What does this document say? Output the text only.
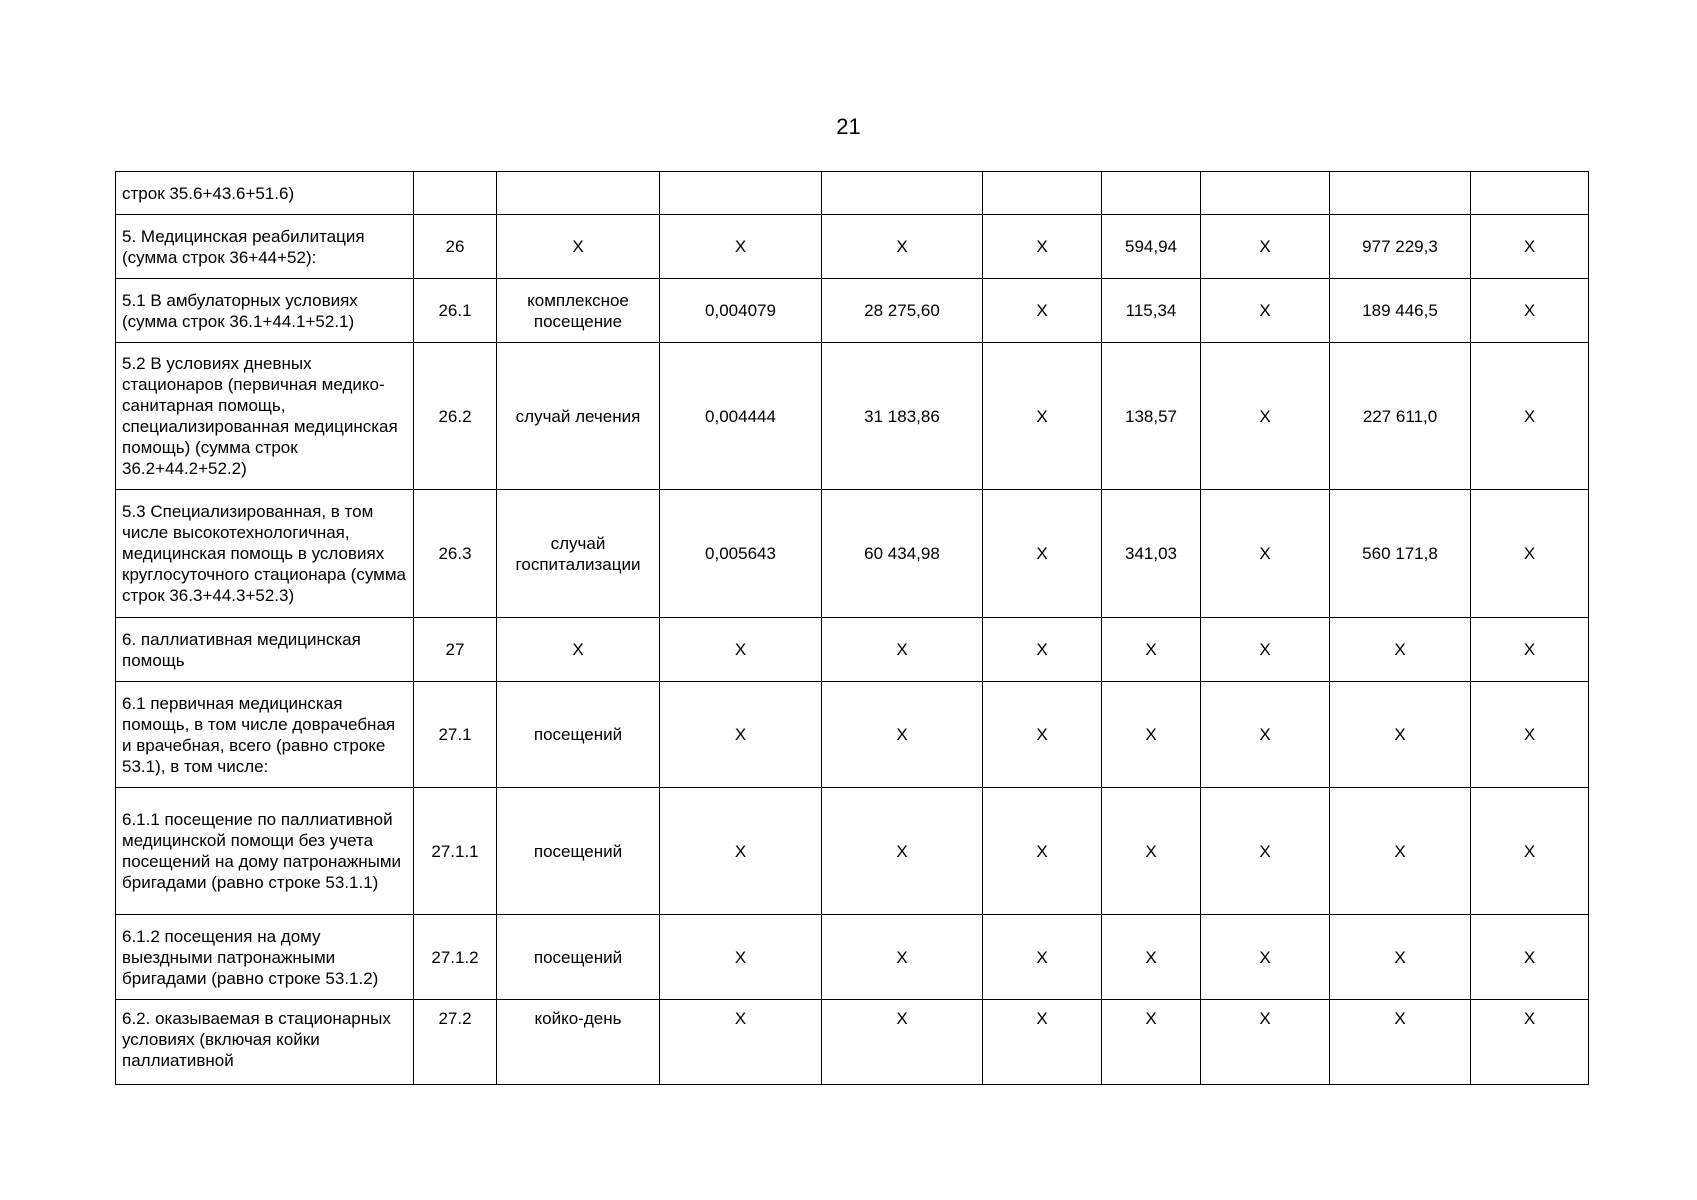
21
строк 35.6+43.6+51.6)									
5. Медицинская реабилитация (сумма строк 36+44+52):	26	X	X	X	X	594,94	X	977 229,3	X
5.1 В амбулаторных условиях (сумма строк 36.1+44.1+52.1)	26.1	комплексное посещение	0,004079	28 275,60	X	115,34	X	189 446,5	X
5.2 В условиях дневных стационаров (первичная медико-санитарная помощь, специализированная медицинская помощь) (сумма строк 36.2+44.2+52.2)	26.2	случай лечения	0,004444	31 183,86	X	138,57	X	227 611,0	X
5.3 Специализированная, в том числе высокотехнологичная, медицинская помощь в условиях круглосуточного стационара (сумма строк 36.3+44.3+52.3)	26.3	случай госпитализации	0,005643	60 434,98	X	341,03	X	560 171,8	X
6. паллиативная медицинская помощь	27	X	X	X	X	X	X	X	X
6.1 первичная медицинская помощь, в том числе доврачебная и врачебная, всего (равно строке 53.1), в том числе:	27.1	посещений	X	X	X	X	X	X	X
6.1.1 посещение по паллиативной медицинской помощи без учета посещений на дому патронажными бригадами (равно строке 53.1.1)	27.1.1	посещений	X	X	X	X	X	X	X
6.1.2 посещения на дому выездными патронажными бригадами (равно строке 53.1.2)	27.1.2	посещений	X	X	X	X	X	X	X
6.2. оказываемая в стационарных условиях (включая койки паллиативной	27.2	койко-день	X	X	X	X	X	X	X
